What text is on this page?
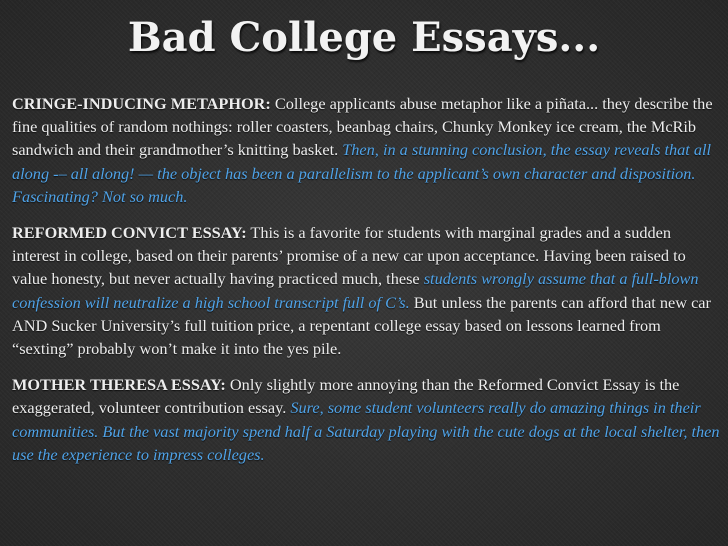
Bad College Essays...

CRINGE-INDUCING METAPHOR: College applicants abuse metaphor like a piñata... they describe the fine qualities of random nothings: roller coasters, beanbag chairs, Chunky Monkey ice cream, the McRib sandwich and their grandmother’s knitting basket. Then, in a stunning conclusion, the essay reveals that all along -– all along! — the object has been a parallelism to the applicant’s own character and disposition. Fascinating? Not so much.

REFORMED CONVICT ESSAY: This is a favorite for students with marginal grades and a sudden interest in college, based on their parents’ promise of a new car upon acceptance. Having been raised to value honesty, but never actually having practiced much, these students wrongly assume that a full-blown confession will neutralize a high school transcript full of C’s. But unless the parents can afford that new car AND Sucker University’s full tuition price, a repentant college essay based on lessons learned from “sexting” probably won’t make it into the yes pile.

MOTHER THERESA ESSAY: Only slightly more annoying than the Reformed Convict Essay is the exaggerated, volunteer contribution essay. Sure, some student volunteers really do amazing things in their communities. But the vast majority spend half a Saturday playing with the cute dogs at the local shelter, then use the experience to impress colleges.
